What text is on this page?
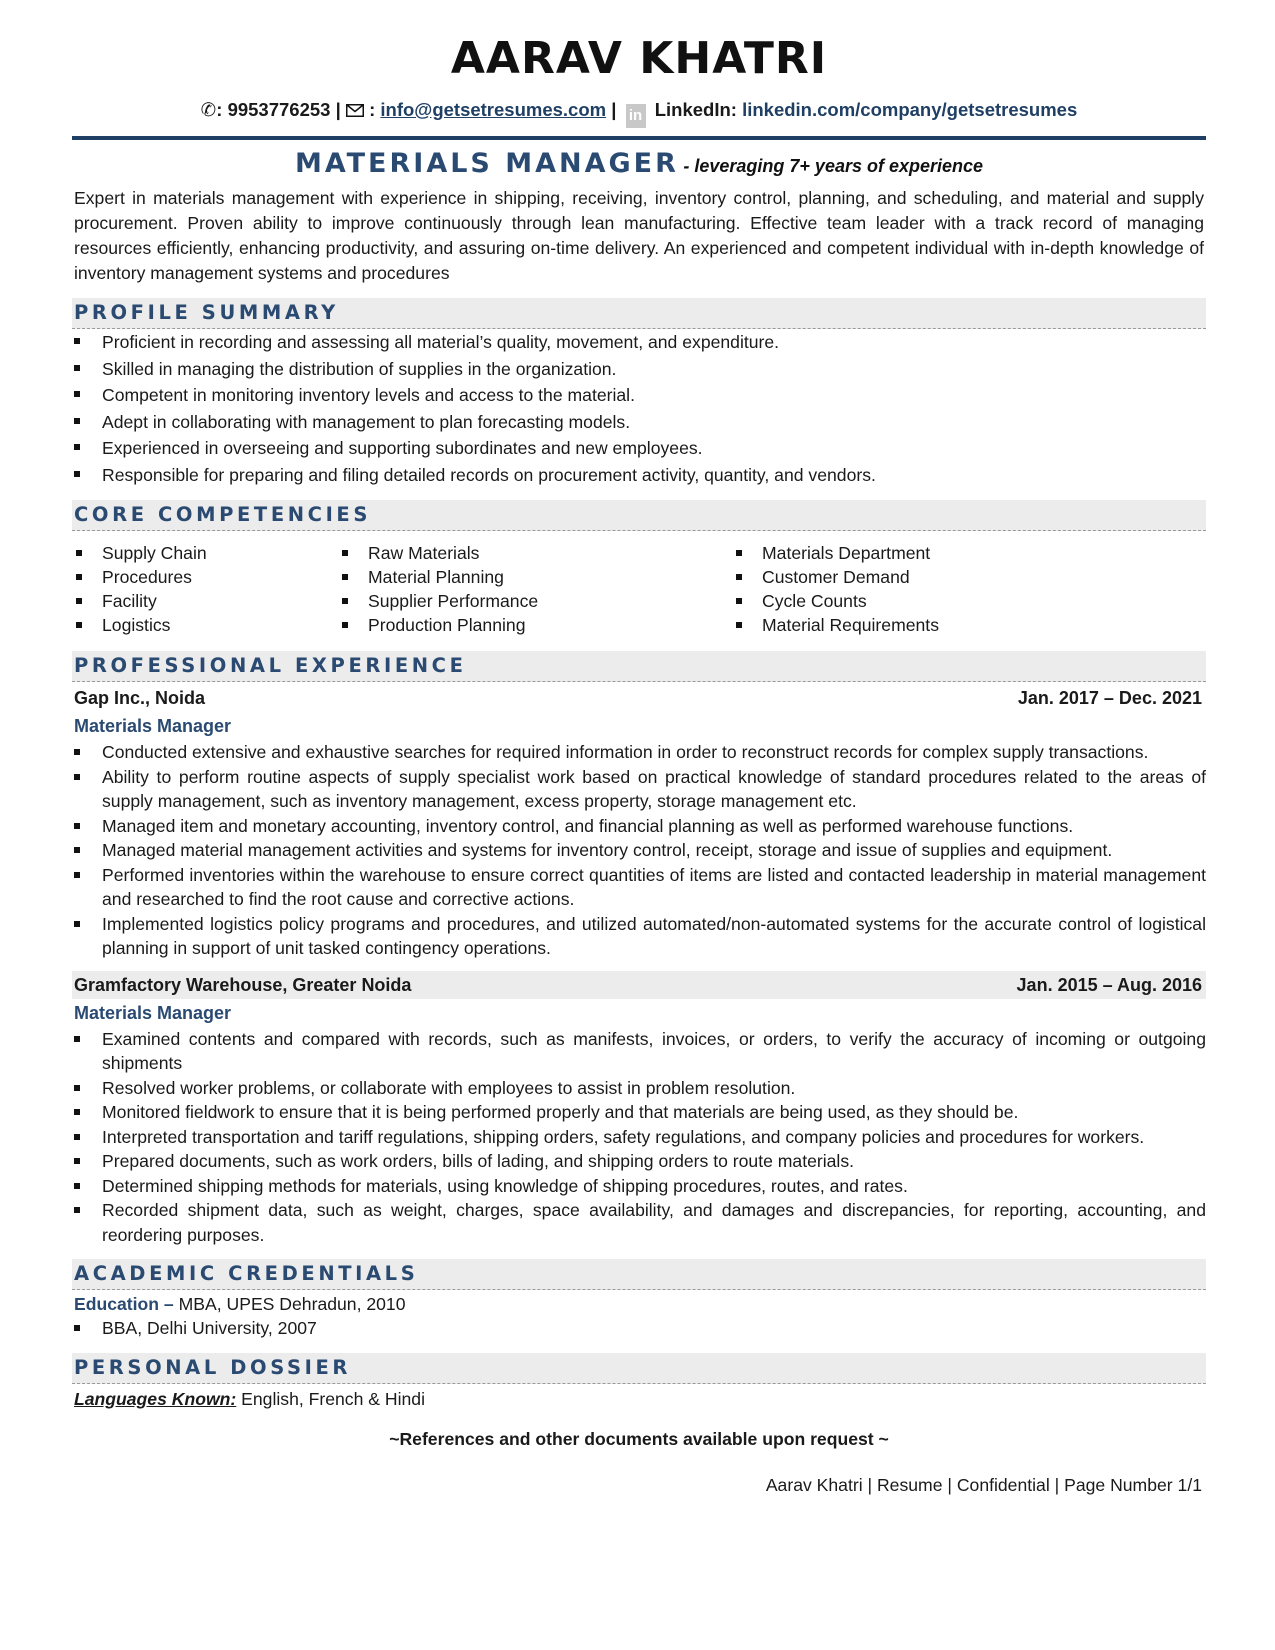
AARAV KHATRI
✆: 9953776253 | : info@getsetresumes.com | in LinkedIn: linkedin.com/company/getsetresumes
MATERIALS MANAGER - leveraging 7+ years of experience
Expert in materials management with experience in shipping, receiving, inventory control, planning, and scheduling, and material and supply procurement. Proven ability to improve continuously through lean manufacturing. Effective team leader with a track record of managing resources efficiently, enhancing productivity, and assuring on-time delivery. An experienced and competent individual with in-depth knowledge of inventory management systems and procedures
PROFILE SUMMARY
Proficient in recording and assessing all material’s quality, movement, and expenditure.
Skilled in managing the distribution of supplies in the organization.
Competent in monitoring inventory levels and access to the material.
Adept in collaborating with management to plan forecasting models.
Experienced in overseeing and supporting subordinates and new employees.
Responsible for preparing and filing detailed records on procurement activity, quantity, and vendors.
CORE COMPETENCIES
Supply Chain
Procedures
Facility
Logistics
Raw Materials
Material Planning
Supplier Performance
Production Planning
Materials Department
Customer Demand
Cycle Counts
Material Requirements
PROFESSIONAL EXPERIENCE
Gap Inc., Noida	Jan. 2017 – Dec. 2021
Materials Manager
Conducted extensive and exhaustive searches for required information in order to reconstruct records for complex supply transactions.
Ability to perform routine aspects of supply specialist work based on practical knowledge of standard procedures related to the areas of supply management, such as inventory management, excess property, storage management etc.
Managed item and monetary accounting, inventory control, and financial planning as well as performed warehouse functions.
Managed material management activities and systems for inventory control, receipt, storage and issue of supplies and equipment.
Performed inventories within the warehouse to ensure correct quantities of items are listed and contacted leadership in material management and researched to find the root cause and corrective actions.
Implemented logistics policy programs and procedures, and utilized automated/non-automated systems for the accurate control of logistical planning in support of unit tasked contingency operations.
Gramfactory Warehouse, Greater Noida	Jan. 2015 – Aug. 2016
Materials Manager
Examined contents and compared with records, such as manifests, invoices, or orders, to verify the accuracy of incoming or outgoing shipments
Resolved worker problems, or collaborate with employees to assist in problem resolution.
Monitored fieldwork to ensure that it is being performed properly and that materials are being used, as they should be.
Interpreted transportation and tariff regulations, shipping orders, safety regulations, and company policies and procedures for workers.
Prepared documents, such as work orders, bills of lading, and shipping orders to route materials.
Determined shipping methods for materials, using knowledge of shipping procedures, routes, and rates.
Recorded shipment data, such as weight, charges, space availability, and damages and discrepancies, for reporting, accounting, and reordering purposes.
ACADEMIC CREDENTIALS
Education – MBA, UPES Dehradun, 2010
BBA, Delhi University, 2007
PERSONAL DOSSIER
Languages Known: English, French & Hindi
~References and other documents available upon request ~
Aarav Khatri | Resume | Confidential | Page Number 1/1
